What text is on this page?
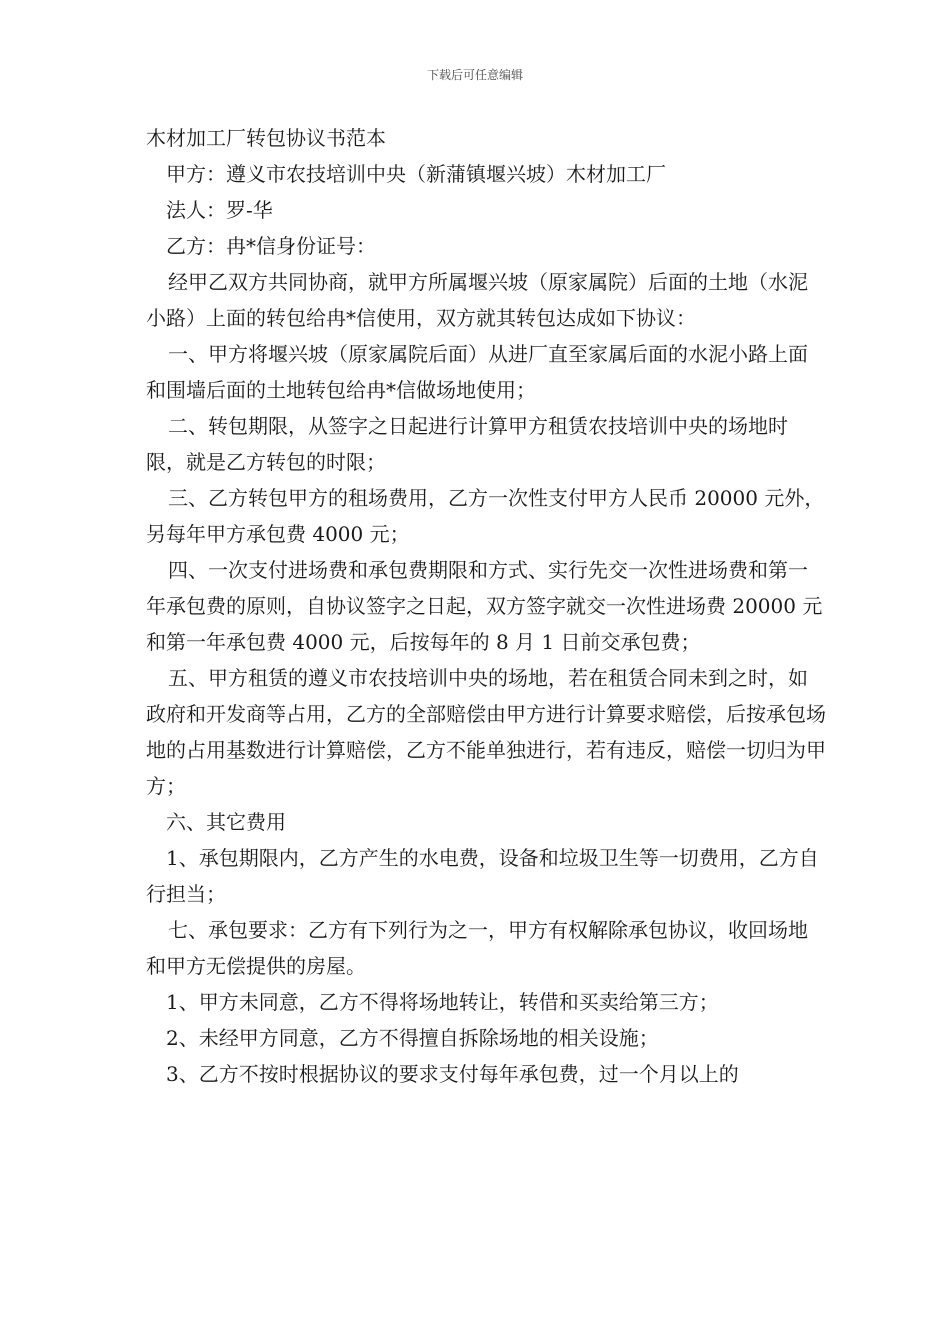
下载后可任意编辑

木材加工厂转包协议书范本

甲方：遵义市农技培训中央（新蒲镇堰兴坡）木材加工厂

法人：罗-华

乙方：冉*信身份证号：

经甲乙双方共同协商，就甲方所属堰兴坡（原家属院）后面的土地（水泥小路）上面的转包给冉*信使用，双方就其转包达成如下协议：

一、甲方将堰兴坡（原家属院后面）从进厂直至家属后面的水泥小路上面和围墙后面的土地转包给冉*信做场地使用；

二、转包期限，从签字之日起进行计算甲方租赁农技培训中央的场地时限，就是乙方转包的时限；

三、乙方转包甲方的租场费用，乙方一次性支付甲方人民币 20000 元外，另每年甲方承包费 4000 元；

四、一次支付进场费和承包费期限和方式、实行先交一次性进场费和第一年承包费的原则，自协议签字之日起，双方签字就交一次性进场费 20000 元和第一年承包费 4000 元，后按每年的 8 月 1 日前交承包费；

五、甲方租赁的遵义市农技培训中央的场地，若在租赁合同未到之时，如政府和开发商等占用，乙方的全部赔偿由甲方进行计算要求赔偿，后按承包场地的占用基数进行计算赔偿，乙方不能单独进行，若有违反，赔偿一切归为甲方；

六、其它费用

1、承包期限内，乙方产生的水电费，设备和垃圾卫生等一切费用，乙方自行担当；

七、承包要求：乙方有下列行为之一，甲方有权解除承包协议，收回场地和甲方无偿提供的房屋。

1、甲方未同意，乙方不得将场地转让，转借和买卖给第三方；

2、未经甲方同意，乙方不得擅自拆除场地的相关设施；

3、乙方不按时根据协议的要求支付每年承包费，过一个月以上的
